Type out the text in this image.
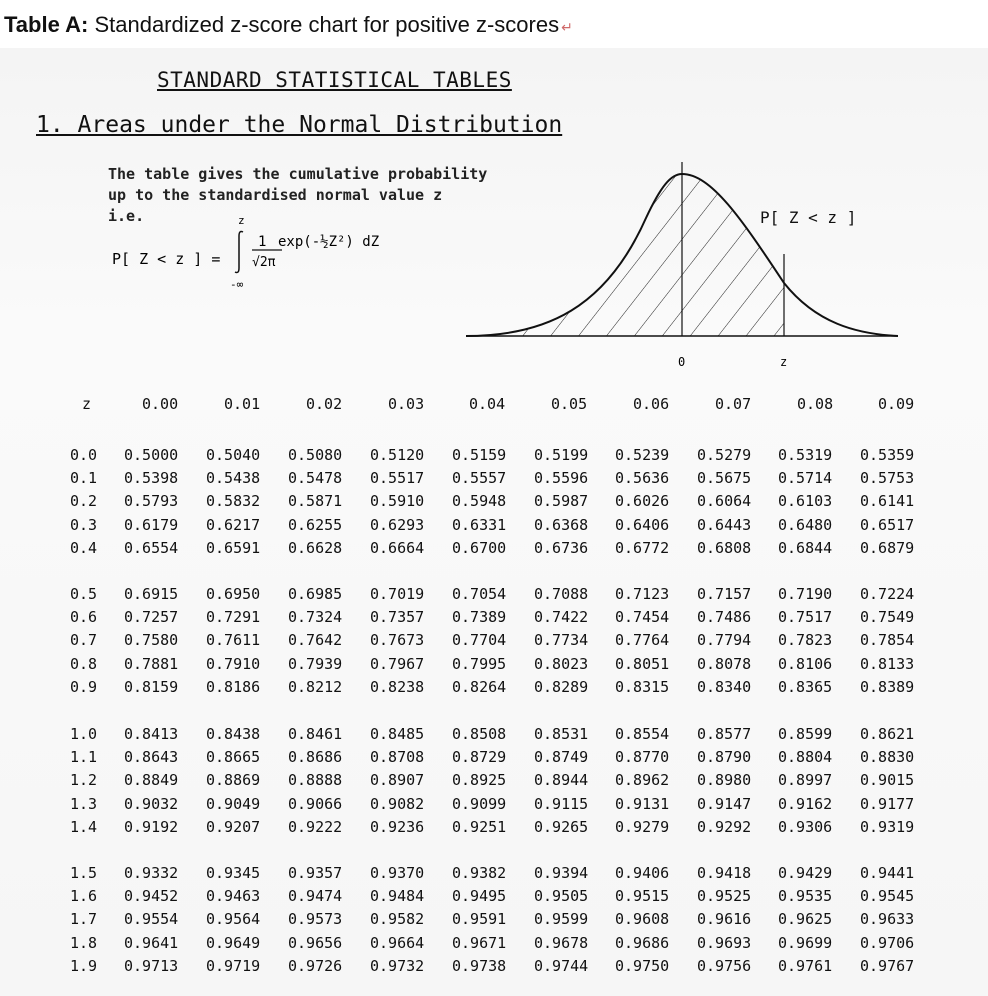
Table A: Standardized z-score chart for positive z-scores ↵
STANDARD STATISTICAL TABLES
1. Areas under the Normal Distribution
The table gives the cumulative probability
up to the standardised normal value z
i.e.
P[ Z < z ] =
z
-∞
1
√2π
exp(-½Z²) dZ
0	z
P[ Z < z ]
z	0.00	0.01	0.02	0.03	0.04	0.05	0.06	0.07	0.08	0.09
0.0 0.5000 0.5040 0.5080 0.5120 0.5159 0.5199 0.5239 0.5279 0.5319 0.5359
0.1 0.5398 0.5438 0.5478 0.5517 0.5557 0.5596 0.5636 0.5675 0.5714 0.5753
0.2 0.5793 0.5832 0.5871 0.5910 0.5948 0.5987 0.6026 0.6064 0.6103 0.6141
0.3 0.6179 0.6217 0.6255 0.6293 0.6331 0.6368 0.6406 0.6443 0.6480 0.6517
0.4 0.6554 0.6591 0.6628 0.6664 0.6700 0.6736 0.6772 0.6808 0.6844 0.6879
0.5 0.6915 0.6950 0.6985 0.7019 0.7054 0.7088 0.7123 0.7157 0.7190 0.7224
0.6 0.7257 0.7291 0.7324 0.7357 0.7389 0.7422 0.7454 0.7486 0.7517 0.7549
0.7 0.7580 0.7611 0.7642 0.7673 0.7704 0.7734 0.7764 0.7794 0.7823 0.7854
0.8 0.7881 0.7910 0.7939 0.7967 0.7995 0.8023 0.8051 0.8078 0.8106 0.8133
0.9 0.8159 0.8186 0.8212 0.8238 0.8264 0.8289 0.8315 0.8340 0.8365 0.8389
1.0 0.8413 0.8438 0.8461 0.8485 0.8508 0.8531 0.8554 0.8577 0.8599 0.8621
1.1 0.8643 0.8665 0.8686 0.8708 0.8729 0.8749 0.8770 0.8790 0.8804 0.8830
1.2 0.8849 0.8869 0.8888 0.8907 0.8925 0.8944 0.8962 0.8980 0.8997 0.9015
1.3 0.9032 0.9049 0.9066 0.9082 0.9099 0.9115 0.9131 0.9147 0.9162 0.9177
1.4 0.9192 0.9207 0.9222 0.9236 0.9251 0.9265 0.9279 0.9292 0.9306 0.9319
1.5 0.9332 0.9345 0.9357 0.9370 0.9382 0.9394 0.9406 0.9418 0.9429 0.9441
1.6 0.9452 0.9463 0.9474 0.9484 0.9495 0.9505 0.9515 0.9525 0.9535 0.9545
1.7 0.9554 0.9564 0.9573 0.9582 0.9591 0.9599 0.9608 0.9616 0.9625 0.9633
1.8 0.9641 0.9649 0.9656 0.9664 0.9671 0.9678 0.9686 0.9693 0.9699 0.9706
1.9 0.9713 0.9719 0.9726 0.9732 0.9738 0.9744 0.9750 0.9756 0.9761 0.9767
